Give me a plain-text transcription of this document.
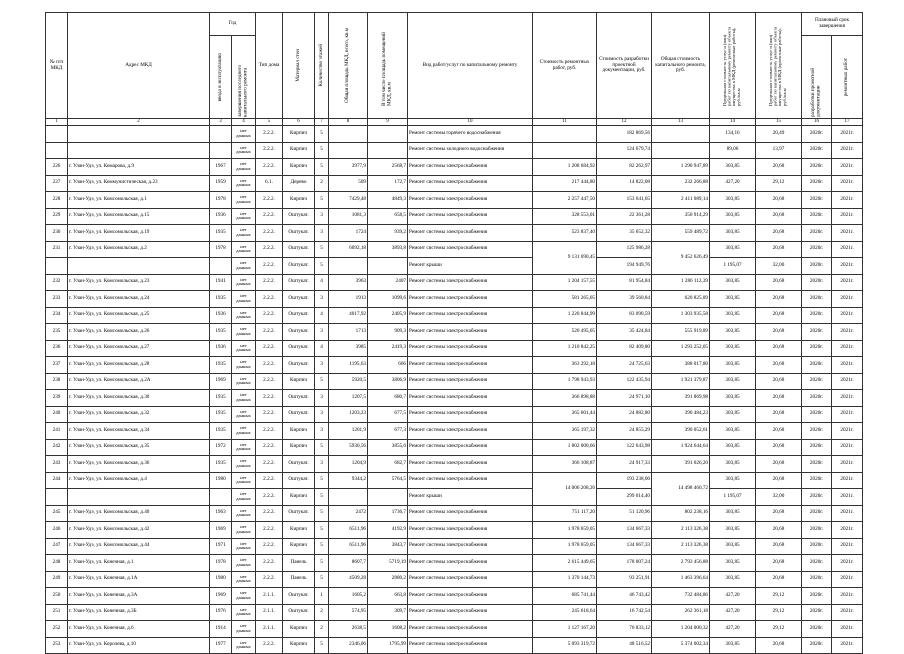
№ п/п МКД	Адрес МКД	Год		Тип дома	Материал стен	Количество этажей	Общая площадь МКД, всего, кв.м	В том числе площадь помещений МКД, кв.м	Вид работ/услуг по капитальному ремонту	Стоимость ремонтных работ, руб.	Стоимость разработки проектной документации, руб.	Общая стоимость капитального ремонта, руб.	Предельная стоимость услуг и (или) работ по капитальному ремонту объекта имущества в МКД (ремонтные работы), руб./кв.м	Предельная стоимость услуг и (или) работ по капитальному ремонту объекта имущества в МКД (проектные работы), руб./кв.м	Плановый срок завершения	

		ввода в эксплуатацию	завершения последнего капитального ремонта												разработки проектной документации	ремонтных работ

1	2	3	4	5	6	7	8	9	10	11	12	13	14	15	16	17
			нет данных	2.2.2.	Кирпич	5			Ремонт системы горячего водоснабжения		182 869,56		134,16	20,49	2020г.	2021г.
			нет данных	2.2.2.	Кирпич	5			Ремонт системы холодного водоснабжения		124 679,74		89,06	13,97	2020г.	2021г.
226	г. Улан-Удэ, ул. Комарова, д.9	1967	нет данных	2.2.2.	Кирпич	5	3977,9	2568,7	Ремонт системы электроснабжения	1 208 684,92	82 262,97	1 290 947,89	303,85	20,68	2020г.	2021г.
227	г. Улан-Удэ, ул. Коммунистическая, д.23	1959	нет данных	6.1.	Дерево	2	509	172,7	Ремонт системы электроснабжения	217 444,80	14 822,08	232 266,88	427,20	29,12	2020г.	2021г.
228	г. Улан-Удэ, ул. Комсомольская, д.1	1978	нет данных	2.2.2.	Кирпич	5	7429,48	4849,3	Ремонт системы электроснабжения	2 257 447,50	153 641,65	2 411 089,14	303,85	20,68	2020г.	2021г.
229	г. Улан-Удэ, ул. Комсомольская, д.15	1936	нет данных	2.2.2.	Оштукат.	3	1081,3	658,5	Ремонт системы электроснабжения	328 553,01	22 361,28	350 914,29	303,85	20,68	2020г.	2021г.
230	г. Улан-Удэ, ул. Комсомольская, д.19	1935	нет данных	2.2.2.	Оштукат.	3	1724	939,2	Ремонт системы электроснабжения	523 837,40	35 652,32	559 489,72	303,85	20,68	2020г.	2021г.
231	г. Улан-Удэ, ул. Комсомольская, д.2	1978	нет данных	2.2.2.	Оштукат.	5	6092,18	3893,8	Ремонт системы электроснабжения	9 131 690,45	125 986,28	9 452 626,49	303,85	20,68	2020г.	2021г.
			нет данных	2.2.2.	Оштукат.	5			Ремонт крыши		194 949,76		1 195,07	32,00	2020г.	2021г.
232	г. Улан-Удэ, ул. Комсомольская, д.23	1941	нет данных	2.2.2.	Оштукат.	4	3963	2407	Ремонт системы электроснабжения	1 204 157,55	81 954,84	1 286 112,39	303,85	20,68	2020г.	2021г.
233	г. Улан-Удэ, ул. Комсомольская, д.24	1935	нет данных	2.2.2.	Оштукат.	3	1913	1099,6	Ремонт системы электроснабжения	581 265,05	39 560,84	620 825,89	303,85	20,68	2020г.	2021г.
234	г. Улан-Удэ, ул. Комсомольская, д.25	1936	нет данных	2.2.2.	Оштукат.	4	4017,92	2405,9	Ремонт системы электроснабжения	1 220 844,99	83 090,59	1 303 935,58	303,85	20,68	2020г.	2021г.
235	г. Улан-Удэ, ул. Комсомольская, д.26	1935	нет данных	2.2.2.	Оштукат.	3	1713	909,3	Ремонт системы электроснабжения	520 495,05	35 424,84	555 919,89	303,85	20,68	2020г.	2021г.
236	г. Улан-Удэ, ул. Комсомольская, д.27	1936	нет данных	2.2.2.	Оштукат.	4	3985	2419,3	Ремонт системы электроснабжения	1 210 842,25	82 409,80	1 293 252,05	303,85	20,68	2020г.	2021г.
237	г. Улан-Удэ, ул. Комсомольская, д.28	1935	нет данных	2.2.2.	Оштукат.	3	1195,63	666	Ремонт системы электроснабжения	363 292,18	24 725,63	388 017,80	303,85	20,68	2020г.	2021г.
238	г. Улан-Удэ, ул. Комсомольская, д.2А	1969	нет данных	2.2.2.	Кирпич	5	5920,5	3806,9	Ремонт системы электроснабжения	1 798 943,93	122 435,94	1 921 379,87	303,85	20,68	2020г.	2021г.
239	г. Улан-Удэ, ул. Комсомольская, д.30	1935	нет данных	2.2.2.	Оштукат.	3	1207,5	680,7	Ремонт системы электроснабжения	366 898,88	24 971,10	391 869,98	303,85	20,68	2020г.	2021г.
240	г. Улан-Удэ, ул. Комсомольская, д.32	1935	нет данных	2.2.2.	Оштукат.	3	1203,23	677,5	Ремонт системы электроснабжения	365 601,44	24 882,80	390 484,23	303,85	20,68	2020г.	2021г.
241	г. Улан-Удэ, ул. Комсомольская, д.34	1935	нет данных	2.2.2.	Кирпич	3	1201,9	677,3	Ремонт системы электроснабжения	365 197,32	24 855,29	390 052,61	303,85	20,68	2020г.	2021г.
242	г. Улан-Удэ, ул. Комсомольская, д.35	1972	нет данных	2.2.2.	Кирпич	5	5930,56	3855,6	Ремонт системы электроснабжения	1 802 000,66	122 643,98	1 924 644,64	303,85	20,68	2020г.	2021г.
243	г. Улан-Удэ, ул. Комсомольская, д.36	1935	нет данных	2.2.2.	Оштукат.	3	1204,9	682,7	Ремонт системы электроснабжения	366 108,87	24 917,33	391 026,20	303,85	20,68	2020г.	2021г.
244	г. Улан-Удэ, ул. Комсомольская, д.4	1980	нет данных	2.2.2.	Оштукат.	5	9344,2	5764,5	Ремонт системы электроснабжения	14 006 208,26	193 238,06	14 498 460,72	303,85	20,68	2020г.	2021г.
			нет данных	2.2.2.	Кирпич	5			Ремонт крыши		299 014,40		1 195,07	32,00	2020г.	2021г.
245	г. Улан-Удэ, ул. Комсомольская, д.40	1963	нет данных	2.2.2.	Оштукат.	5	2472	1736,7	Ремонт системы электроснабжения	751 117,20	51 120,96	802 238,16	303,85	20,68	2020г.	2021г.
246	г. Улан-Удэ, ул. Комсомольская, д.42	1969	нет данных	2.2.2.	Кирпич	5	6511,96	4192,9	Ремонт системы электроснабжения	1 978 659,05	134 667,33	2 113 326,38	303,85	20,68	2020г.	2021г.
247	г. Улан-Удэ, ул. Комсомольская, д.44	1971	нет данных	2.2.2.	Кирпич	5	6511,96	3843,7	Ремонт системы электроснабжения	1 978 659,05	134 667,33	2 113 326,38	303,85	20,68	2020г.	2021г.
248	г. Улан-Удэ, ул. Конечная, д.1	1978	нет данных	2.2.2.	Панель	5	8607,7	5719,19	Ремонт системы электроснабжения	2 615 449,65	178 007,24	2 793 456,88	303,85	20,68	2020г.	2021г.
249	г. Улан-Удэ, ул. Конечная, д.1А	1980	нет данных	2.2.2.	Панель	5	4509,28	2880,2	Ремонт системы электроснабжения	1 370 144,73	93 251,91	1 463 396,64	303,85	20,68	2020г.	2021г.
250	г. Улан-Удэ, ул. Конечная, д.3А	1969	нет данных	2.1.1.	Оштукат.	1	1605,2	663,8	Ремонт системы электроснабжения	685 741,44	46 743,42	732 484,86	427,20	29,12	2020г.	2021г.
251	г. Улан-Удэ, ул. Конечная, д.3Б	1976	нет данных	2.1.1.	Оштукат.	2	574,95	309,7	Ремонт системы электроснабжения	245 618,64	16 742,54	262 361,18	427,20	29,12	2020г.	2021г.
252	г. Улан-Удэ, ул. Конечная, д.6	1914	нет данных	2.1.1.	Кирпич	2	2638,5	1608,2	Ремонт системы электроснабжения	1 127 167,20	76 833,12	1 204 000,32	427,20	29,12	2020г.	2021г.
253	г. Улан-Удэ, ул. Королева, д.10	1977	нет данных	2.2.2.	Кирпич	5	2346,06	1795,99	Ремонт системы электроснабжения	5 093 319,72	48 516,52	5 374 002,34	303,85	20,68	2020г.	2021г.
